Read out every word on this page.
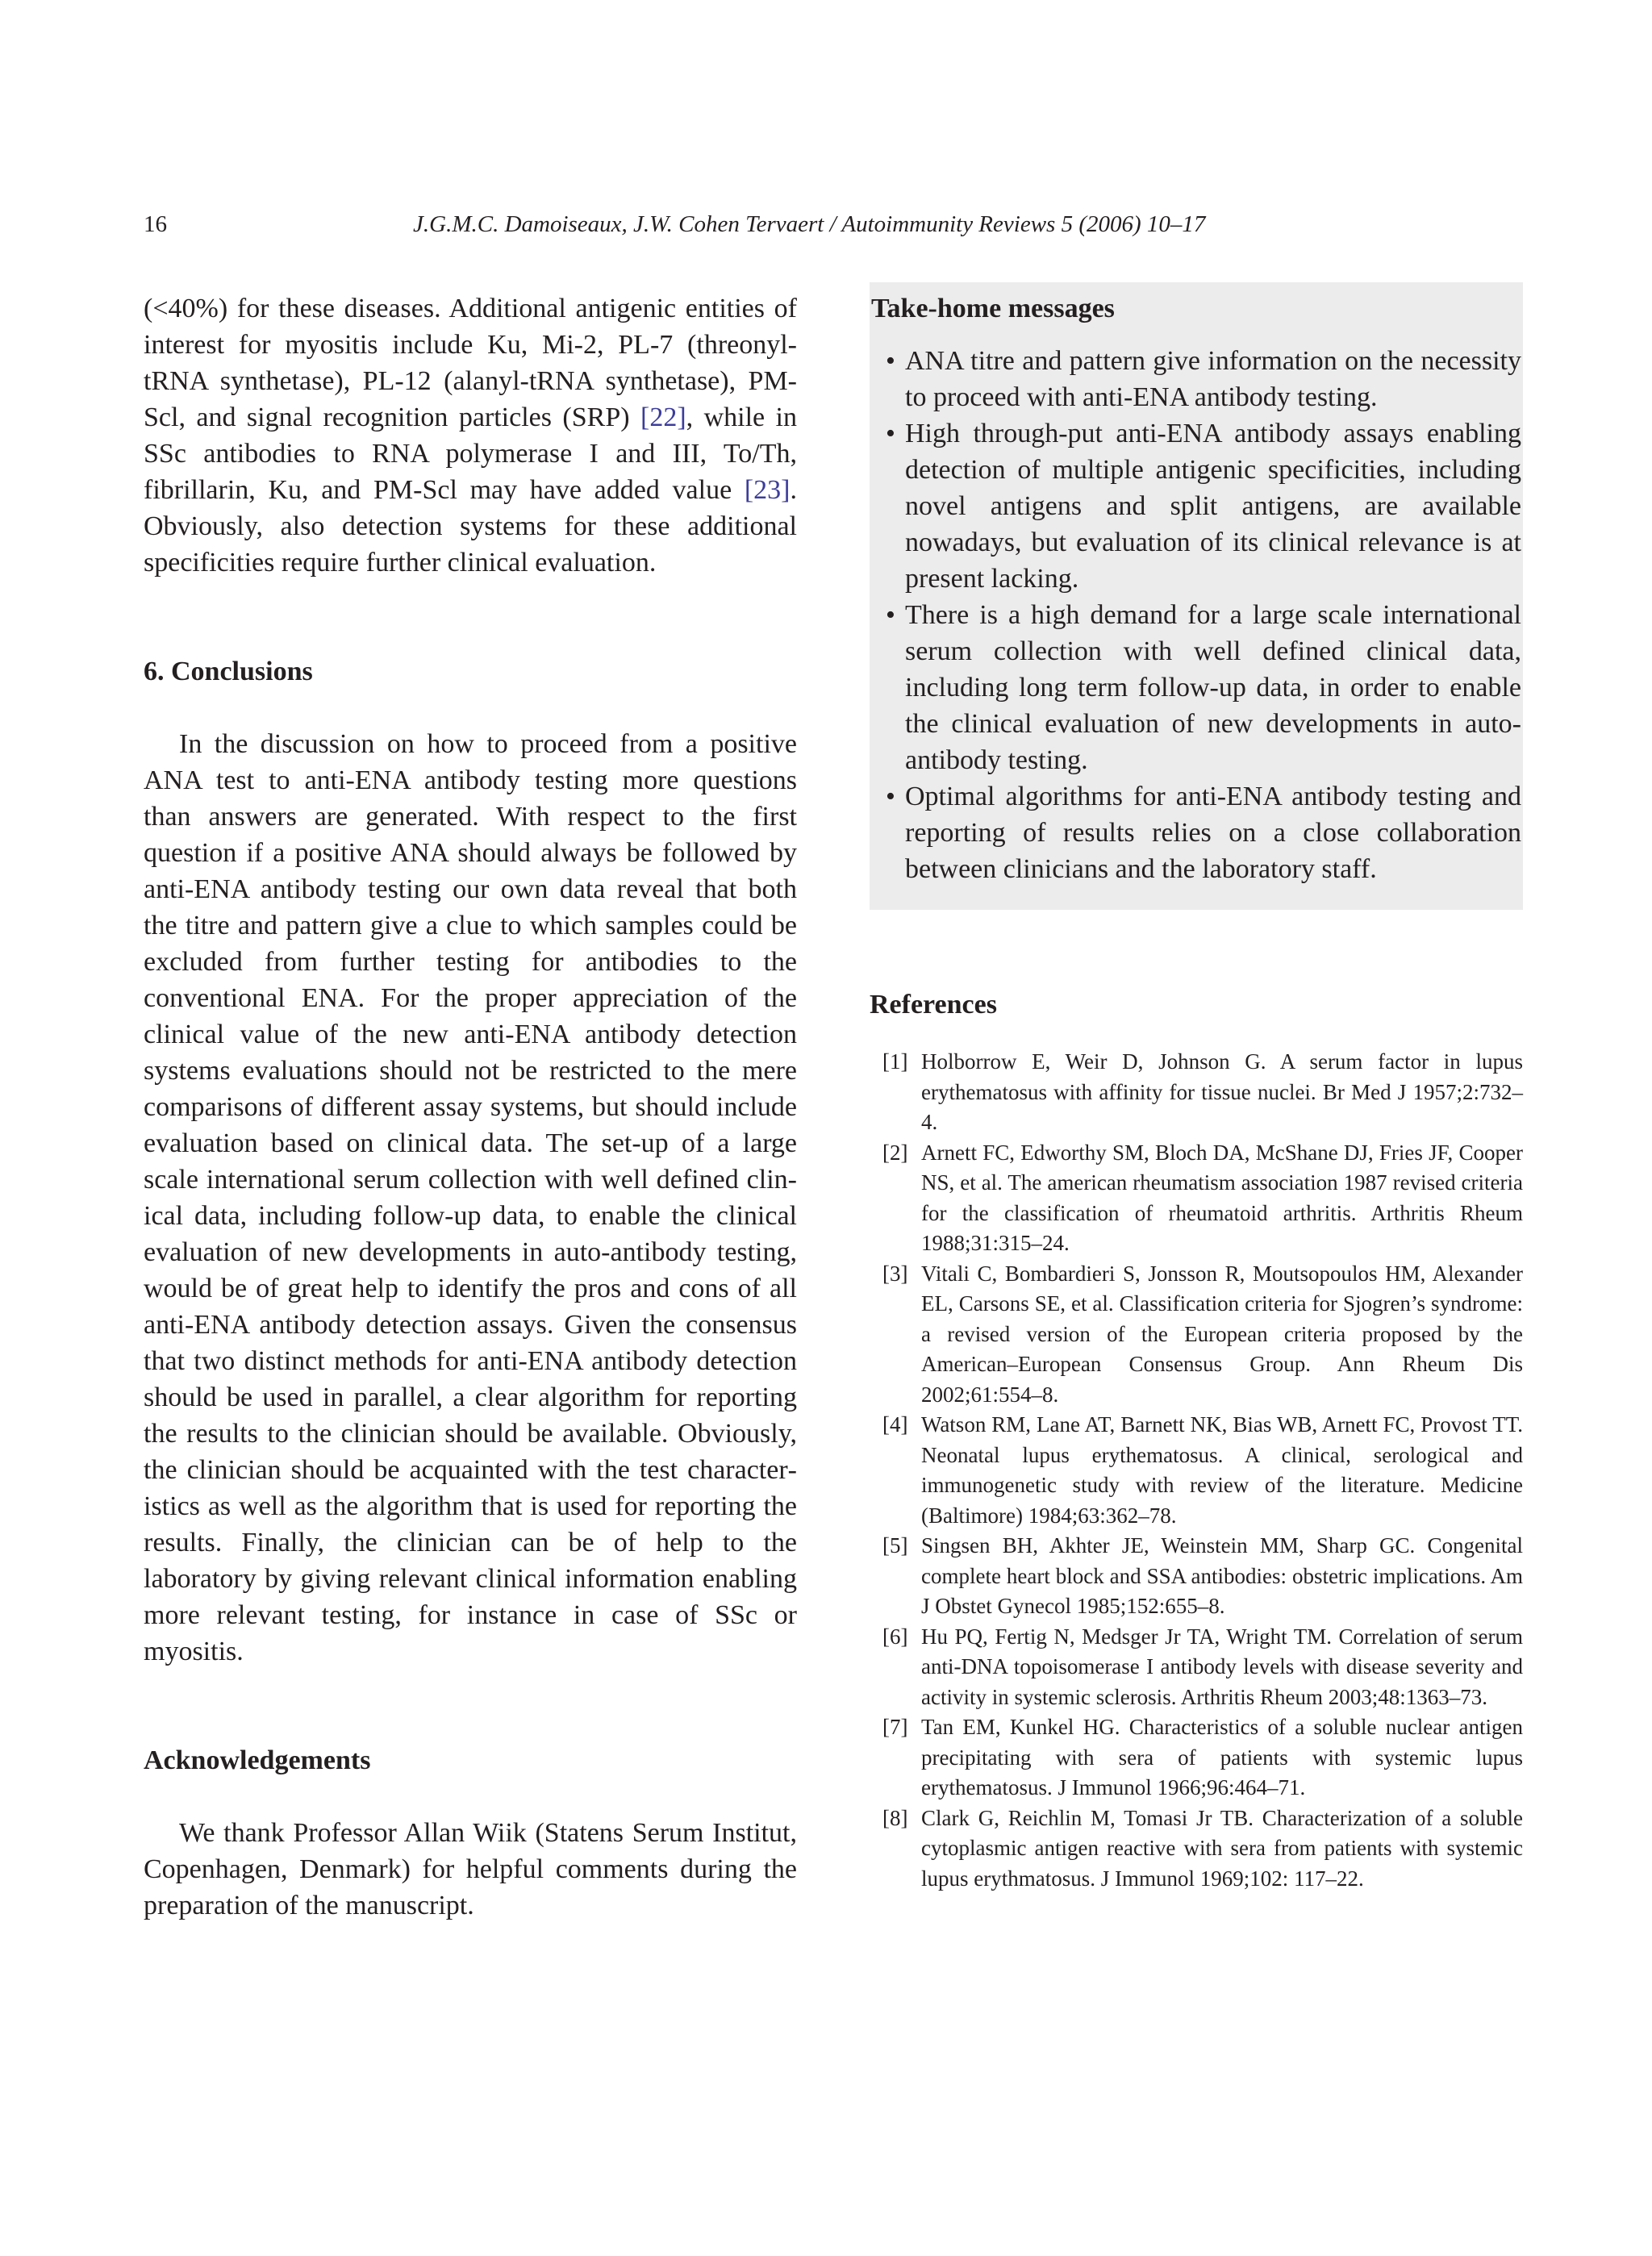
16	J.G.M.C. Damoiseaux, J.W. Cohen Tervaert / Autoimmunity Reviews 5 (2006) 10–17

(<40%) for these diseases. Additional antigenic entities of interest for myositis include Ku, Mi-2, PL-7 (threonyl-tRNA synthetase), PL-12 (alanyl-tRNA synthetase), PM-Scl, and signal recognition particles (SRP) [22], while in SSc antibodies to RNA polymerase I and III, To/Th, fibrillarin, Ku, and PM-Scl may have added value [23]. Obviously, also detection systems for these additional specificities require further clinical evaluation.

6. Conclusions

In the discussion on how to proceed from a positive ANA test to anti-ENA antibody testing more questions than answers are generated. With respect to the first question if a positive ANA should always be followed by anti-ENA antibody testing our own data reveal that both the titre and pattern give a clue to which samples could be excluded from further testing for antibodies to the conventional ENA. For the proper appreciation of the clinical value of the new anti-ENA antibody detection systems evaluations should not be restricted to the mere comparisons of different assay systems, but should include evaluation based on clinical data. The set-up of a large scale international serum collection with well defined clinical data, including follow-up data, to enable the clinical evaluation of new developments in auto-antibody testing, would be of great help to identify the pros and cons of all anti-ENA antibody detection assays. Given the consensus that two distinct methods for anti-ENA antibody detection should be used in parallel, a clear algorithm for reporting the results to the clinician should be available. Obviously, the clinician should be acquainted with the test characteristics as well as the algorithm that is used for reporting the results. Finally, the clinician can be of help to the laboratory by giving relevant clinical information enabling more relevant testing, for instance in case of SSc or myositis.

Acknowledgements

We thank Professor Allan Wiik (Statens Serum Institut, Copenhagen, Denmark) for helpful comments during the preparation of the manuscript.

Take-home messages
• ANA titre and pattern give information on the necessity to proceed with anti-ENA antibody testing.

• High through-put anti-ENA antibody assays enabling detection of multiple antigenic specificities, including novel antigens and split antigens, are available nowadays, but evaluation of its clinical relevance is at present lacking.

• There is a high demand for a large scale international serum collection with well defined clinical data, including long term follow-up data, in order to enable the clinical evaluation of new developments in auto-antibody testing.

• Optimal algorithms for anti-ENA antibody testing and reporting of results relies on a close collaboration between clinicians and the laboratory staff.

References
[1] Holborrow E, Weir D, Johnson G. A serum factor in lupus erythematosus with affinity for tissue nuclei. Br Med J 1957;2:732–4.

[2] Arnett FC, Edworthy SM, Bloch DA, McShane DJ, Fries JF, Cooper NS, et al. The american rheumatism association 1987 revised criteria for the classification of rheumatoid arthritis. Arthritis Rheum 1988;31:315–24.

[3] Vitali C, Bombardieri S, Jonsson R, Moutsopoulos HM, Alexander EL, Carsons SE, et al. Classification criteria for Sjogren’s syndrome: a revised version of the European criteria proposed by the American–European Consensus Group. Ann Rheum Dis 2002;61:554–8.

[4] Watson RM, Lane AT, Barnett NK, Bias WB, Arnett FC, Provost TT. Neonatal lupus erythematosus. A clinical, serological and immunogenetic study with review of the literature. Medicine (Baltimore) 1984;63:362–78.

[5] Singsen BH, Akhter JE, Weinstein MM, Sharp GC. Congenital complete heart block and SSA antibodies: obstetric implications. Am J Obstet Gynecol 1985;152:655–8.

[6] Hu PQ, Fertig N, Medsger Jr TA, Wright TM. Correlation of serum anti-DNA topoisomerase I antibody levels with disease severity and activity in systemic sclerosis. Arthritis Rheum 2003;48:1363–73.

[7] Tan EM, Kunkel HG. Characteristics of a soluble nuclear antigen precipitating with sera of patients with systemic lupus erythematosus. J Immunol 1966;96:464–71.

[8] Clark G, Reichlin M, Tomasi Jr TB. Characterization of a soluble cytoplasmic antigen reactive with sera from patients with systemic lupus erythmatosus. J Immunol 1969;102: 117–22.
